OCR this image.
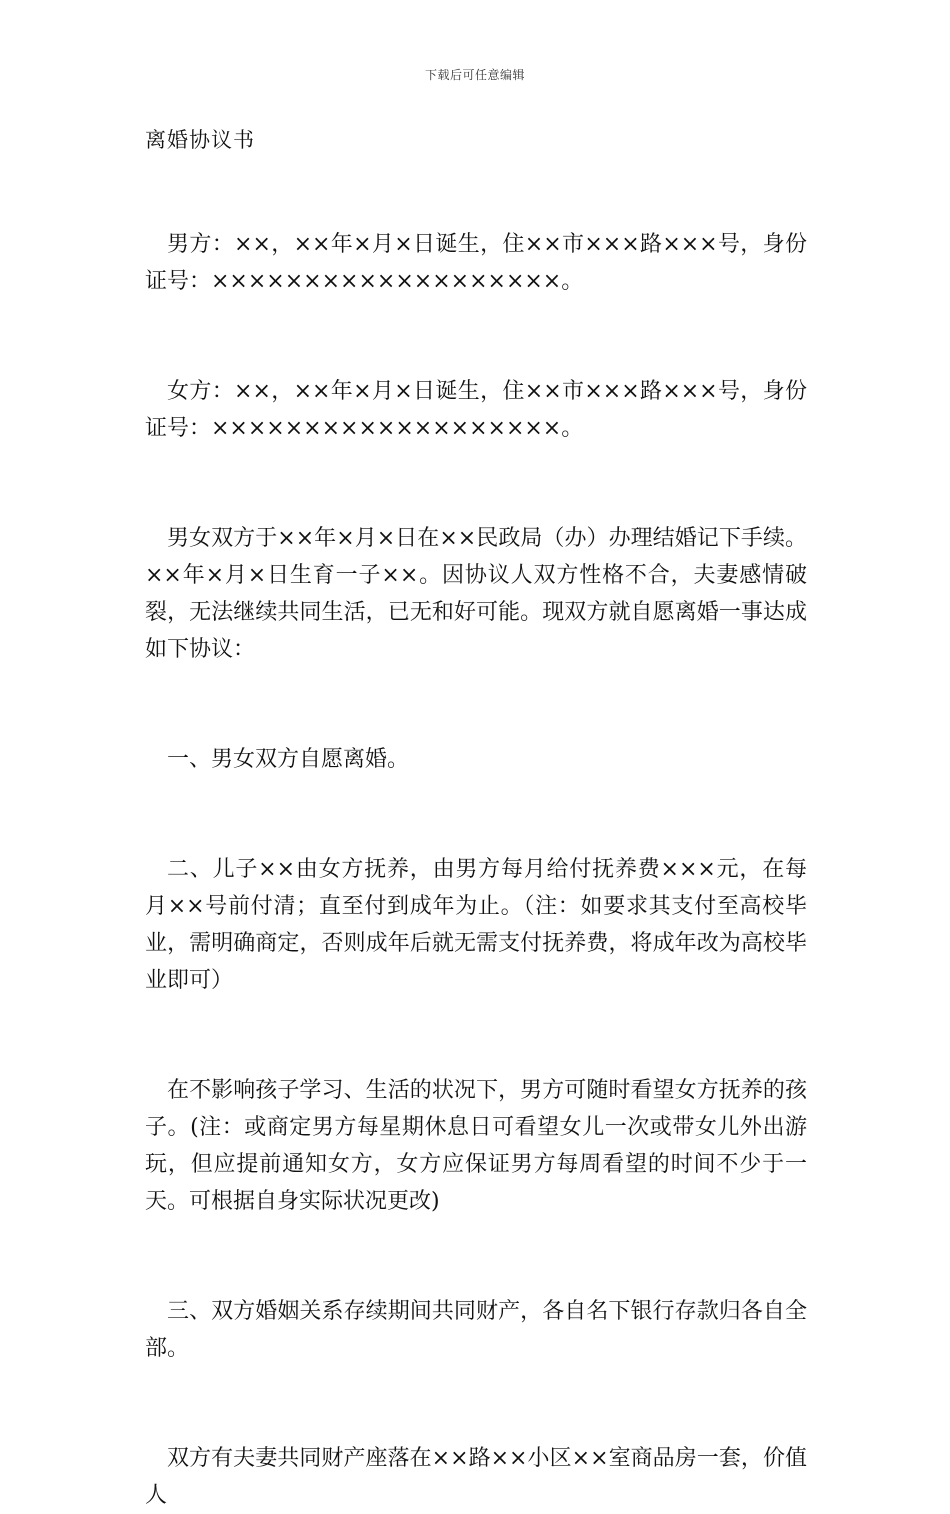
下载后可任意编辑
离婚协议书

男方：××，××年×月×日诞生，住××市×××路×××号，身份证号：×××××××××××××××××××。

女方：××，××年×月×日诞生，住××市×××路×××号，身份证号：×××××××××××××××××××。

男女双方于××年×月×日在××民政局（办）办理结婚记下手续。××年×月×日生育一子××。因协议人双方性格不合，夫妻感情破裂，无法继续共同生活，已无和好可能。现双方就自愿离婚一事达成如下协议：

一、男女双方自愿离婚。

二、儿子××由女方抚养，由男方每月给付抚养费×××元，在每月××号前付清；直至付到成年为止。（注：如要求其支付至高校毕业，需明确商定，否则成年后就无需支付抚养费，将成年改为高校毕业即可）

在不影响孩子学习、生活的状况下，男方可随时看望女方抚养的孩子。(注：或商定男方每星期休息日可看望女儿一次或带女儿外出游玩，但应提前通知女方，女方应保证男方每周看望的时间不少于一天。可根据自身实际状况更改)

三、双方婚姻关系存续期间共同财产，各自名下银行存款归各自全部。

双方有夫妻共同财产座落在××路××小区××室商品房一套，价值人
